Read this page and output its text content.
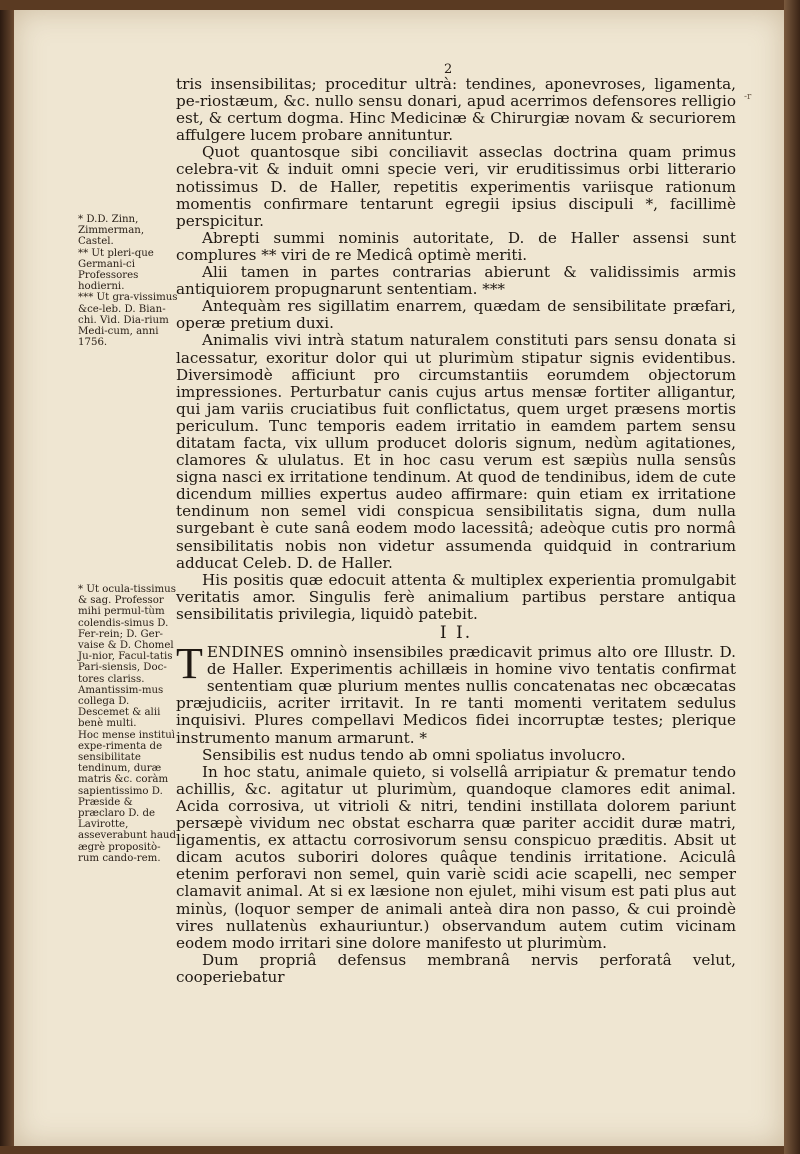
2
-r

* D.D. Zinn, Zimmerman, Castel.

** Ut pleri-que Germani-ci Professores hodierni.

*** Ut gra-vissimus &ce-leb. D. Bian-chi. Vid. Dia-rium Medi-cum, anni 1756.

* Ut ocula-tissimus & sag. Professor mihi permul-tùm colendis-simus D. Fer-rein; D. Ger-vaise & D. Chomel Ju-nior, Facul-tatis Pari-siensis, Doc-tores clariss. Amantissim-mus collega D. Descemet & alii benè multi.

Hoc mense instituì expe-rimenta de sensibilitate tendinum, duræ matris &c. coràm sapientissimo D. Præside & præclaro D. de Lavirotte, asseverabunt haud ægrè propositò-rum cando-rem.

tris insensibilitas; proceditur ultrà: tendines, aponevroses, ligamenta, pe-riostæum, &c. nullo sensu donari, apud acerrimos defensores relligio est, & certum dogma. Hinc Medicinæ & Chirurgiæ novam & securiorem affulgere lucem probare annituntur.

Quot quantosque sibi conciliavit asseclas doctrina quam primus celebra-vit & induit omni specie veri, vir eruditissimus orbi litterario notissimus D. de Haller, repetitis experimentis variisque rationum momentis confirmare tentarunt egregii ipsius discipuli *, facillimè perspicitur.

Abrepti summi nominis autoritate, D. de Haller assensi sunt complures ** viri de re Medicâ optimè meriti.

Alii tamen in partes contrarias abierunt & validissimis armis antiquiorem propugnarunt sententiam. ***

Antequàm res sigillatim enarrem, quædam de sensibilitate præfari, operæ pretium duxi.

Animalis vivi intrà statum naturalem constituti pars sensu donata si lacessatur, exoritur dolor qui ut plurimùm stipatur signis evidentibus. Diversimodè afficiunt pro circumstantiis eorumdem objectorum impressiones. Perturbatur canis cujus artus mensæ fortiter alligantur, qui jam variis cruciatibus fuit conflictatus, quem urget præsens mortis periculum. Tunc temporis eadem irritatio in eamdem partem sensu ditatam facta, vix ullum producet doloris signum, nedùm agitationes, clamores & ululatus. Et in hoc casu verum est sæpiùs nulla sensûs signa nasci ex irritatione tendinum. At quod de tendinibus, idem de cute dicendum millies expertus audeo affirmare: quin etiam ex irritatione tendinum non semel vidi conspicua sensibilitatis signa, dum nulla surgebant è cute sanâ eodem modo lacessitâ; adeòque cutis pro normâ sensibilitatis nobis non videtur assumenda quidquid in contrarium adducat Celeb. D. de Haller.

His positis quæ edocuit attenta & multiplex experientia promulgabit veritatis amor. Singulis ferè animalium partibus perstare antiqua sensibilitatis privilegia, liquidò patebit.

I I.

TENDINES omninò insensibiles prædicavit primus alto ore Illustr. D. de Haller. Experimentis achillæis in homine vivo tentatis confirmat sententiam quæ plurium mentes nullis concatenatas nec obcæcatas præjudiciis, acriter irritavit. In re tanti momenti veritatem sedulus inquisivi. Plures compellavi Medicos fidei incorruptæ testes; plerique instrumento manum armarunt. *

Sensibilis est nudus tendo ab omni spoliatus involucro.

In hoc statu, animale quieto, si volsellâ arripiatur & prematur tendo achillis, &c. agitatur ut plurimùm, quandoque clamores edit animal. Acida corrosiva, ut vitrioli & nitri, tendini instillata dolorem pariunt persæpè vividum nec obstat escharra quæ pariter accidit duræ matri, ligamentis, ex attactu corrosivorum sensu conspicuo præditis. Absit ut dicam acutos suboriri dolores quâque tendinis irritatione. Aciculâ etenim perforavi non semel, quin variè scidi acie scapelli, nec semper clamavit animal. At si ex læsione non ejulet, mihi visum est pati plus aut minùs, (loquor semper de animali anteà dira non passo, & cui proindè vires nullatenùs exhauriuntur.) observandum autem cutim vicinam eodem modo irritari sine dolore manifesto ut plurimùm.

Dum propriâ defensus membranâ nervis perforatâ velut, cooperiebatur
